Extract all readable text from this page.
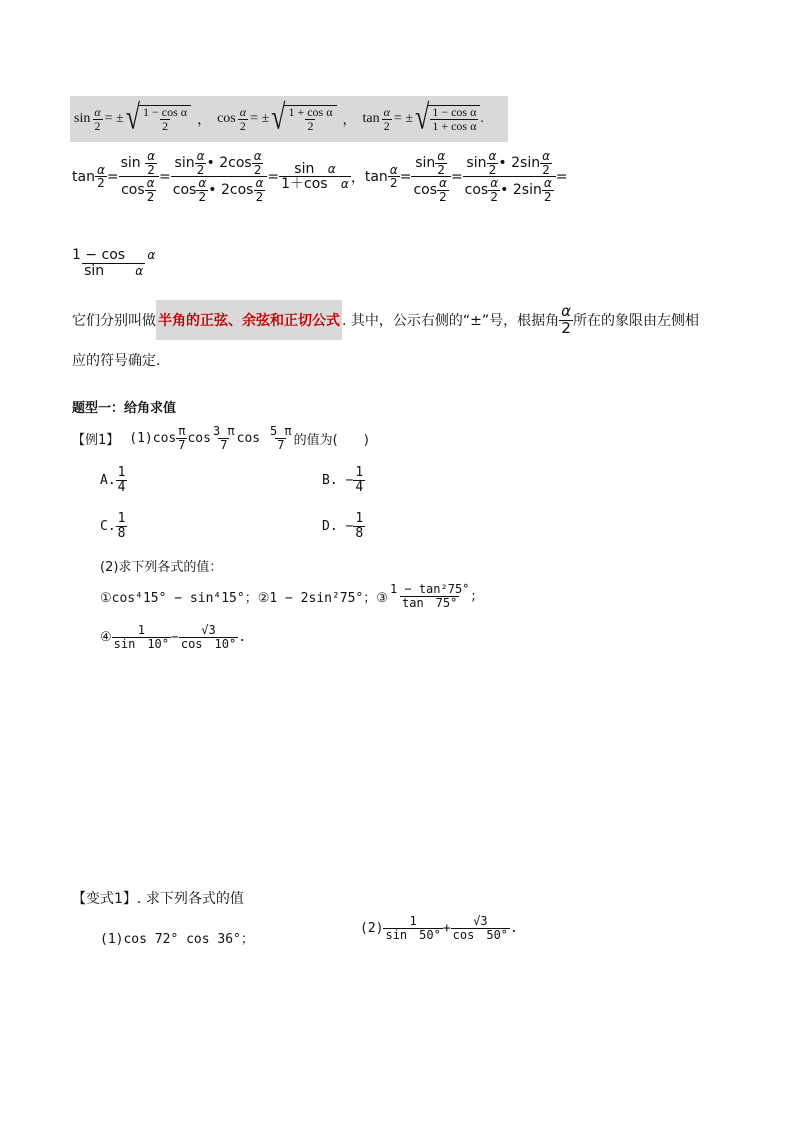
$\sin \frac{\alpha}{2}$ = ± √ $\frac{\text{1 − cos α}}{2}$ ， $\cos \frac{\alpha}{2}$ = ± √ $\frac{\text{1 + cos α}}{2}$ ， $\tan \frac{\alpha}{2}$ = ± √ $\frac{\text{1 − cos α}}{\text{1 + cos α}}$ .
$\tan \frac{\alpha}{2} = \sin$
$\frac{\alpha}{2}$
$\cos \frac{\alpha}{2} = \frac{\sin \frac{\alpha}{2} • 2\cos \frac{\alpha}{2}}{\cos \frac{\alpha}{2} • 2\cos \frac{\alpha}{2}} = \sin$
α
1＋cos
α ， $\tan \frac{\alpha}{2} = \frac{\sin \frac{\alpha}{2}}{\cos \frac{\alpha}{2}} = \frac{\sin \frac{\alpha}{2} • 2\sin \frac{\alpha}{2}}{\cos \frac{\alpha}{2} • 2\sin \frac{\alpha}{2}}$ =
1 − cos
α
sin
	α
它们分别叫做 半角的正弦、余弦和正切公式 . 其中，公示右侧的“±”号，根据角 $\frac{\alpha}{2}$ 所在的象限由左侧相
应的符号确定.
题型一：给角求值
【例1】 $(1)\cos \frac{\pi}{7}$ $\cos \frac{3 \pi}{7}$ cos
$\frac{5 \pi}{7}$ 的值为(　　)
A. $\frac{1}{4}$	B. − $\frac{1}{4}$
C. $\frac{1}{8}$	D. − $\frac{1}{8}$
(2)求下列各式的值：
①cos⁴15° − sin⁴15°；②1 − 2sin²75°；③ $\frac{\text{1 − tan²75°}}{\tan 75^\circ}$ ;
④ $\frac{1}{\sin 10^\circ} - \frac{√3}{\cos 10^\circ}$ .
【变式1】 . 求下列各式的值
(1)cos 72° cos 36°；
$(2) \frac{1}{\sin 50^\circ} + \frac{√3}{\cos 50^\circ}$ .
